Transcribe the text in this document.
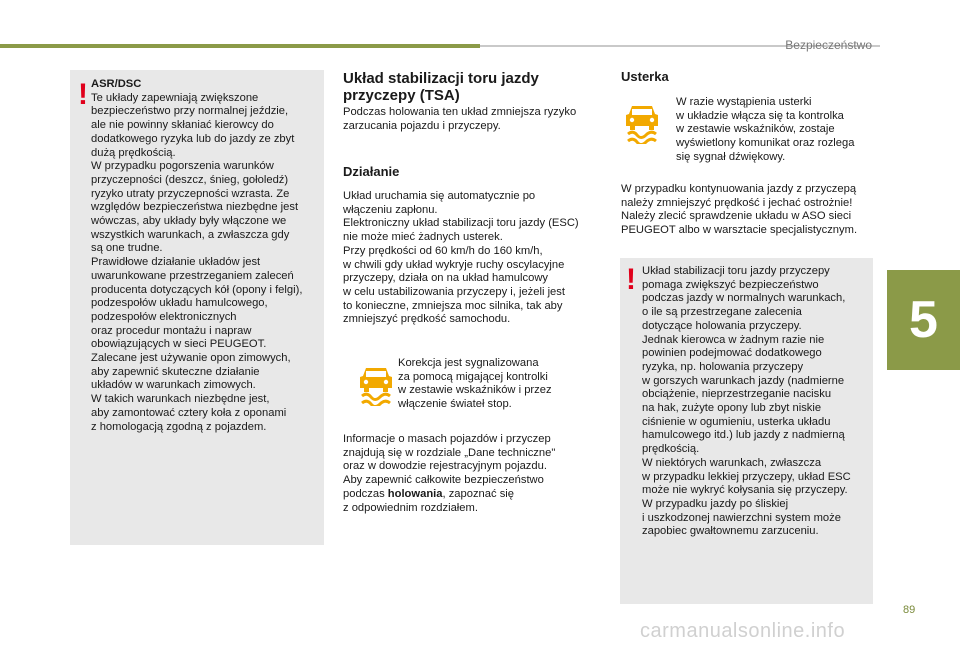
Bezpieczeństwo
! ASR/DSC
Te układy zapewniają zwiększone
bezpieczeństwo przy normalnej jeździe,
ale nie powinny skłaniać kierowcy do
dodatkowego ryzyka lub do jazdy ze zbyt
dużą prędkością.
W przypadku pogorszenia warunków
przyczepności (deszcz, śnieg, gołoledź)
ryzyko utraty przyczepności wzrasta. Ze
względów bezpieczeństwa niezbędne jest
wówczas, aby układy były włączone we
wszystkich warunkach, a zwłaszcza gdy
są one trudne.
Prawidłowe działanie układów jest
uwarunkowane przestrzeganiem zaleceń
producenta dotyczących kół (opony i felgi),
podzespołów układu hamulcowego,
podzespołów elektronicznych
oraz procedur montażu i napraw
obowiązujących w sieci PEUGEOT.
Zalecane jest używanie opon zimowych,
aby zapewnić skuteczne działanie
układów w warunkach zimowych.
W takich warunkach niezbędne jest,
aby zamontować cztery koła z oponami
z homologacją zgodną z pojazdem.
Układ stabilizacji toru jazdy przyczepy (TSA)
Podczas holowania ten układ zmniejsza ryzyko
zarzucania pojazdu i przyczepy.
Działanie
Układ uruchamia się automatycznie po
włączeniu zapłonu.
Elektroniczny układ stabilizacji toru jazdy (ESC)
nie może mieć żadnych usterek.
Przy prędkości od 60 km/h do 160 km/h,
w chwili gdy układ wykryje ruchy oscylacyjne
przyczepy, działa on na układ hamulcowy
w celu ustabilizowania przyczepy i, jeżeli jest
to konieczne, zmniejsza moc silnika, tak aby
zmniejszyć prędkość samochodu.
Korekcja jest sygnalizowana
za pomocą migającej kontrolki
w zestawie wskaźników i przez
włączenie świateł stop.
Informacje o masach pojazdów i przyczep
znajdują się w rozdziale „Dane techniczne"
oraz w dowodzie rejestracyjnym pojazdu.
Aby zapewnić całkowite bezpieczeństwo
podczas holowania, zapoznać się
z odpowiednim rozdziałem.
Usterka
W razie wystąpienia usterki
w układzie włącza się ta kontrolka
w zestawie wskaźników, zostaje
wyświetlony komunikat oraz rozlega
się sygnał dźwiękowy.
W przypadku kontynuowania jazdy z przyczepą
należy zmniejszyć prędkość i jechać ostrożnie!
Należy zlecić sprawdzenie układu w ASO sieci
PEUGEOT albo w warsztacie specjalistycznym.
! Układ stabilizacji toru jazdy przyczepy
pomaga zwiększyć bezpieczeństwo
podczas jazdy w normalnych warunkach,
o ile są przestrzegane zalecenia
dotyczące holowania przyczepy.
Jednak kierowca w żadnym razie nie
powinien podejmować dodatkowego
ryzyka, np. holowania przyczepy
w gorszych warunkach jazdy (nadmierne
obciążenie, nieprzestrzeganie nacisku
na hak, zużyte opony lub zbyt niskie
ciśnienie w ogumieniu, usterka układu
hamulcowego itd.) lub jazdy z nadmierną
prędkością.
W niektórych warunkach, zwłaszcza
w przypadku lekkiej przyczepy, układ ESC
może nie wykryć kołysania się przyczepy.
W przypadku jazdy po śliskiej
i uszkodzonej nawierzchni system może
zapobiec gwałtownemu zarzuceniu.
5
89
carmanualsonline.info
